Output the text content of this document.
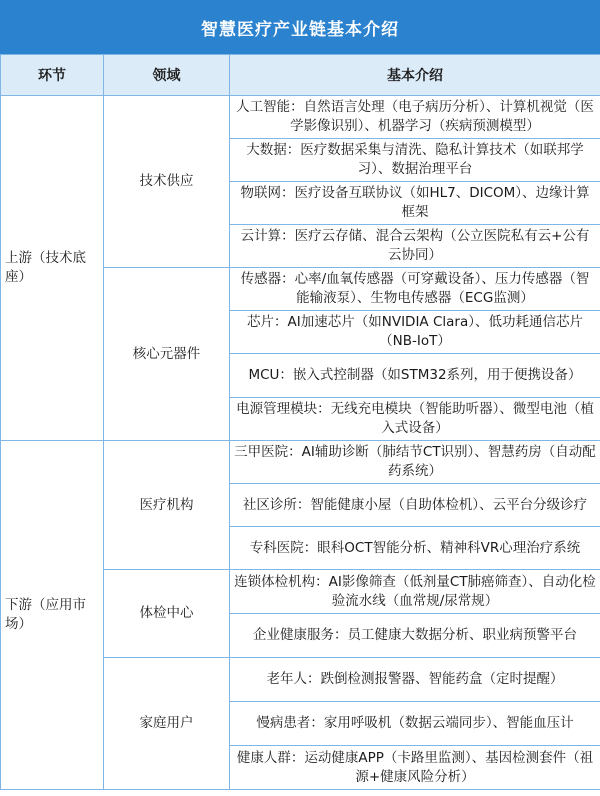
智慧医疗产业链基本介绍
环节	领域	基本介绍
上游（技术底座）	技术供应	人工智能：自然语言处理（电子病历分析）、计算机视觉（医学影像识别）、机器学习（疾病预测模型）
		大数据：医疗数据采集与清洗、隐私计算技术（如联邦学习）、数据治理平台
		物联网：医疗设备互联协议（如HL7、DICOM）、边缘计算框架
		云计算：医疗云存储、混合云架构（公立医院私有云+公有云协同）
	核心元器件	传感器：心率/血氧传感器（可穿戴设备）、压力传感器（智能输液泵）、生物电传感器（ECG监测）
		芯片：AI加速芯片（如NVIDIA Clara）、低功耗通信芯片（NB-IoT）
		MCU：嵌入式控制器（如STM32系列，用于便携设备）
		电源管理模块：无线充电模块（智能助听器）、微型电池（植入式设备）
下游（应用市场）	医疗机构	三甲医院：AI辅助诊断（肺结节CT识别）、智慧药房（自动配药系统）
		社区诊所：智能健康小屋（自助体检机）、云平台分级诊疗
		专科医院：眼科OCT智能分析、精神科VR心理治疗系统
	体检中心	连锁体检机构：AI影像筛查（低剂量CT肺癌筛查）、自动化检验流水线（血常规/尿常规）
		企业健康服务：员工健康大数据分析、职业病预警平台
	家庭用户	老年人：跌倒检测报警器、智能药盒（定时提醒）
		慢病患者：家用呼吸机（数据云端同步）、智能血压计
		健康人群：运动健康APP（卡路里监测）、基因检测套件（祖源+健康风险分析）
